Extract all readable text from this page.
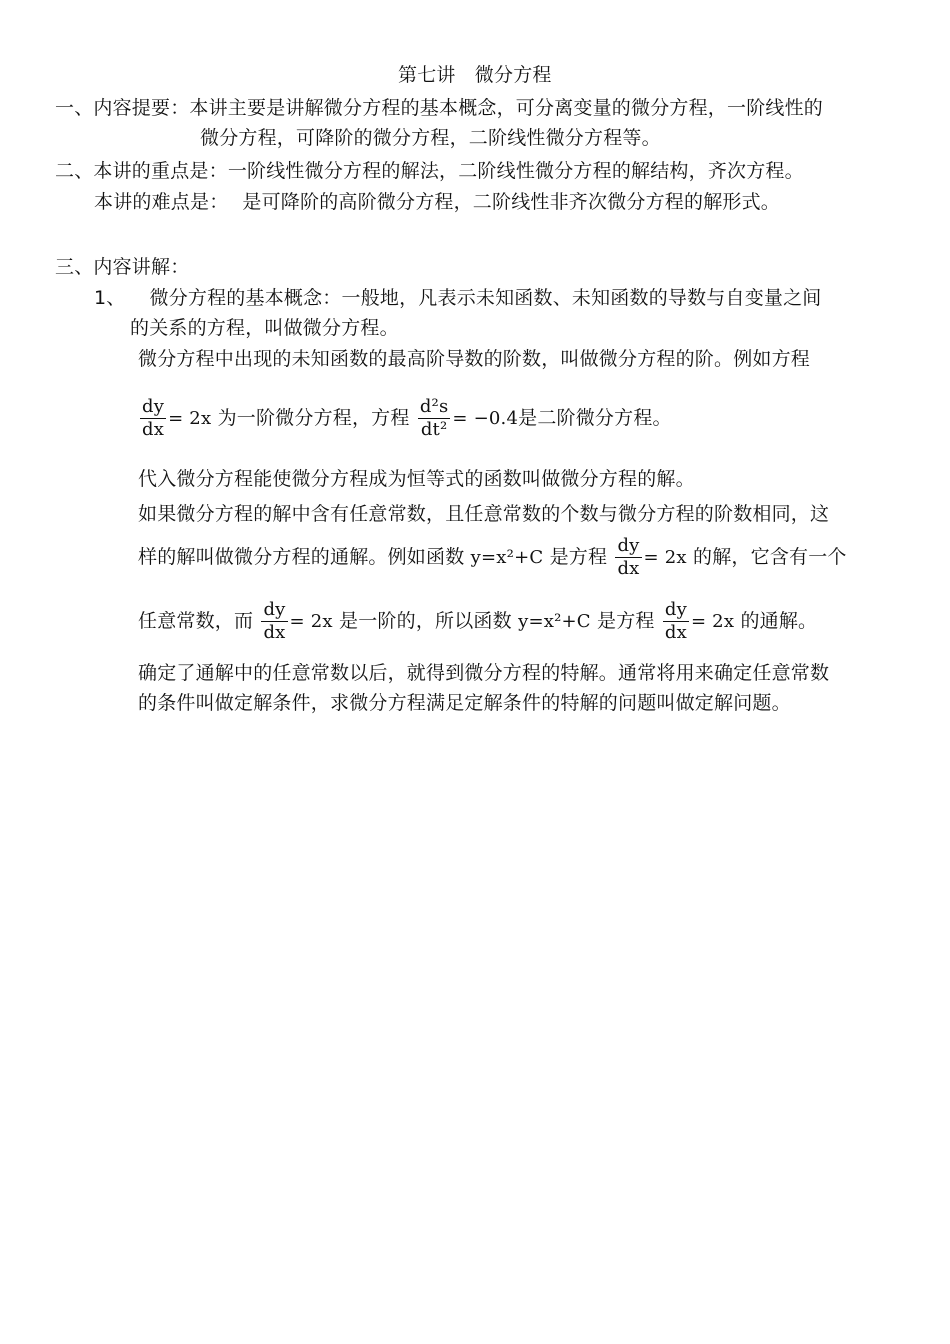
第七讲　微分方程
一、内容提要：本讲主要是讲解微分方程的基本概念，可分离变量的微分方程，一阶线性的
微分方程，可降阶的微分方程，二阶线性微分方程等。
二、本讲的重点是：一阶线性微分方程的解法，二阶线性微分方程的解结构，齐次方程。
本讲的难点是： 是可降阶的高阶微分方程，二阶线性非齐次微分方程的解形式。
三、内容讲解：
1、 微分方程的基本概念：一般地，凡表示未知函数、未知函数的导数与自变量之间
的关系的方程，叫做微分方程。
微分方程中出现的未知函数的最高阶导数的阶数，叫做微分方程的阶。例如方程
$\frac{dy}{dx} = 2x$ 为一阶微分方程，方程 $\frac{\text{d²s}}{\text{dt²}} = -0.4$是二阶微分方程。
代入微分方程能使微分方程成为恒等式的函数叫做微分方程的解。
如果微分方程的解中含有任意常数，且任意常数的个数与微分方程的阶数相同，这
样的解叫做微分方程的通解。例如函数 y=x²+C 是方程 $\frac{dy}{dx} = 2x$ 的解，它含有一个
任意常数，而 $\frac{dy}{dx} = 2x$ 是一阶的，所以函数 y=x²+C 是方程 $\frac{dy}{dx} = 2x$ 的通解。
确定了通解中的任意常数以后，就得到微分方程的特解。通常将用来确定任意常数
的条件叫做定解条件，求微分方程满足定解条件的特解的问题叫做定解问题。
